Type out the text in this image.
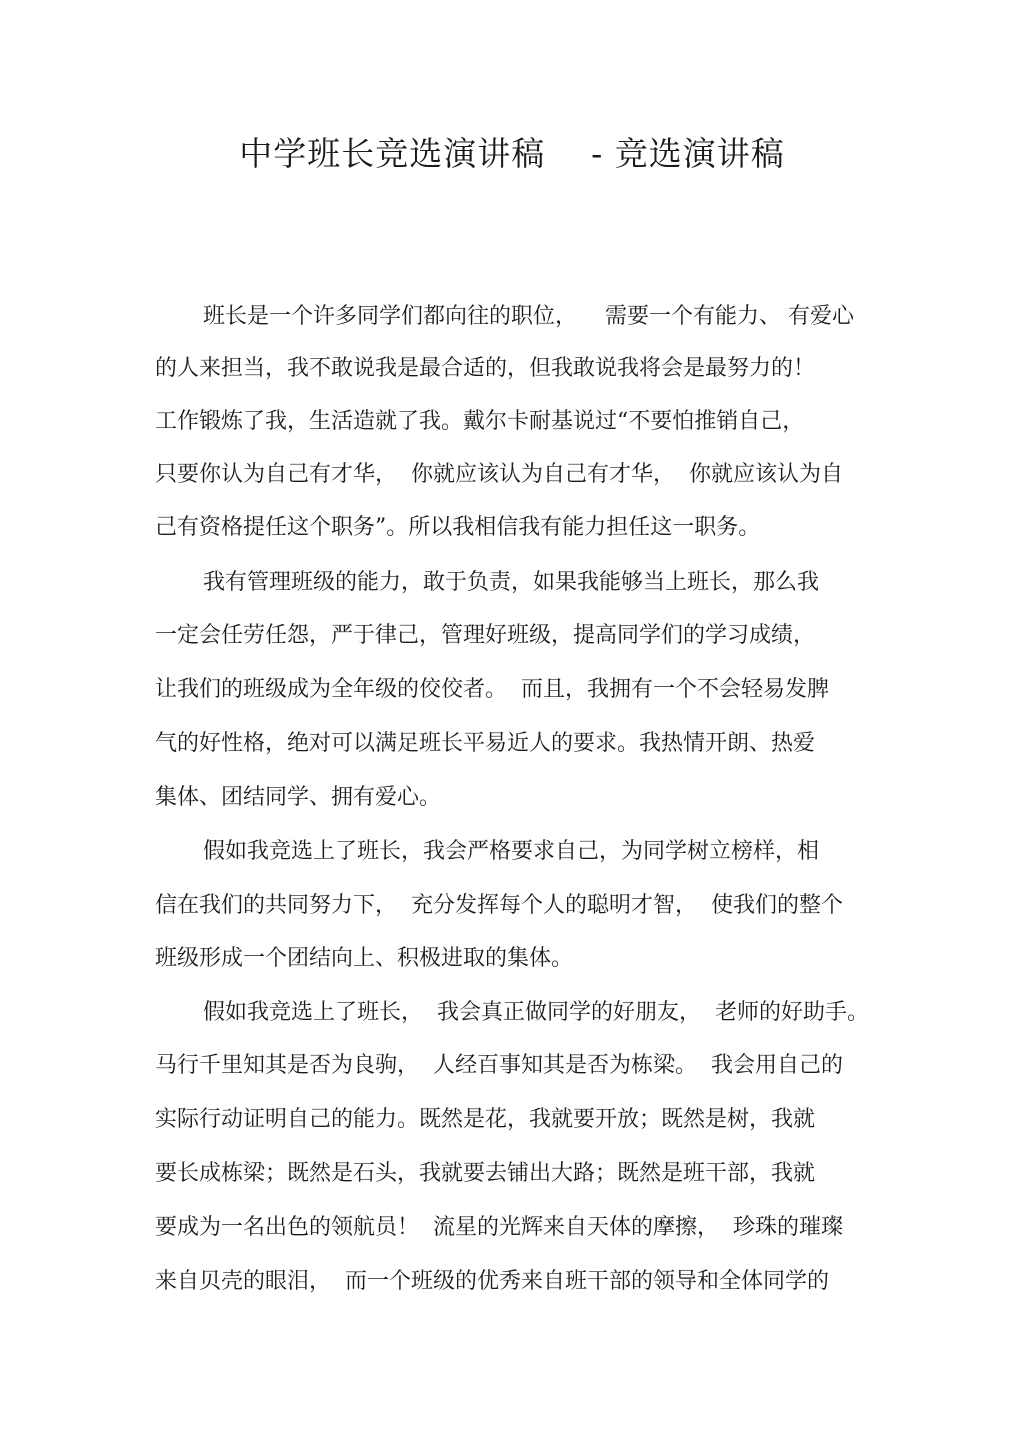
中学班长竞选演讲稿    - 竞选演讲稿
班长是一个许多同学们都向往的职位，    需要一个有能力、 有爱心
的人来担当，我不敢说我是最合适的，但我敢说我将会是最努力的！
工作锻炼了我，生活造就了我。戴尔卡耐基说过“不要怕推销自己，
只要你认为自己有才华，  你就应该认为自己有才华，  你就应该认为自
己有资格提任这个职务”。所以我相信我有能力担任这一职务。
我有管理班级的能力，敢于负责，如果我能够当上班长，那么我
一定会任劳任怨，严于律己，管理好班级，提高同学们的学习成绩，
让我们的班级成为全年级的佼佼者。  而且，我拥有一个不会轻易发脾
气的好性格，绝对可以满足班长平易近人的要求。我热情开朗、热爱
集体、团结同学、拥有爱心。
假如我竞选上了班长，我会严格要求自己，为同学树立榜样，相
信在我们的共同努力下，  充分发挥每个人的聪明才智，  使我们的整个
班级形成一个团结向上、积极进取的集体。
假如我竞选上了班长，  我会真正做同学的好朋友，  老师的好助手。
马行千里知其是否为良驹，  人经百事知其是否为栋梁。  我会用自己的
实际行动证明自己的能力。既然是花，我就要开放；既然是树，我就
要长成栋梁；既然是石头，我就要去铺出大路；既然是班干部，我就
要成为一名出色的领航员！  流星的光辉来自天体的摩擦，  珍珠的璀璨
来自贝壳的眼泪，  而一个班级的优秀来自班干部的领导和全体同学的
